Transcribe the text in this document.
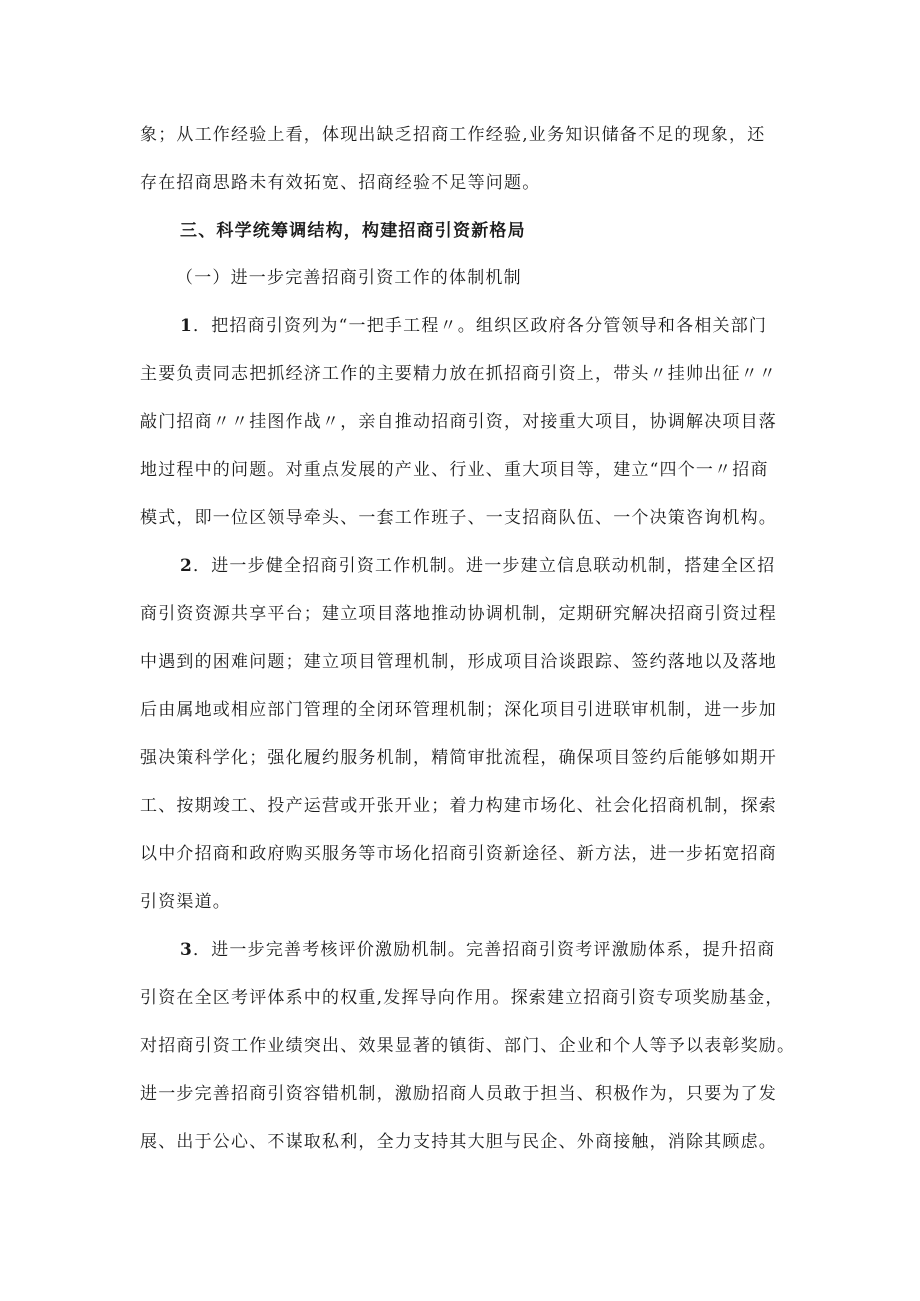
象；从工作经验上看，体现出缺乏招商工作经验,业务知识储备不足的现象，还
存在招商思路未有效拓宽、招商经验不足等问题。
三、科学统筹调结构，构建招商引资新格局
（一）进一步完善招商引资工作的体制机制
1．把招商引资列为“一把手工程〃。组织区政府各分管领导和各相关部门
主要负责同志把抓经济工作的主要精力放在抓招商引资上，带头〃挂帅出征〃〃
敲门招商〃〃挂图作战〃，亲自推动招商引资，对接重大项目，协调解决项目落
地过程中的问题。对重点发展的产业、行业、重大项目等，建立“四个一〃招商
模式，即一位区领导牵头、一套工作班子、一支招商队伍、一个决策咨询机构。
2．进一步健全招商引资工作机制。进一步建立信息联动机制，搭建全区招
商引资资源共享平台；建立项目落地推动协调机制，定期研究解决招商引资过程
中遇到的困难问题；建立项目管理机制，形成项目洽谈跟踪、签约落地以及落地
后由属地或相应部门管理的全闭环管理机制；深化项目引进联审机制，进一步加
强决策科学化；强化履约服务机制，精简审批流程，确保项目签约后能够如期开
工、按期竣工、投产运营或开张开业；着力构建市场化、社会化招商机制，探索
以中介招商和政府购买服务等市场化招商引资新途径、新方法，进一步拓宽招商
引资渠道。
3．进一步完善考核评价激励机制。完善招商引资考评激励体系，提升招商
引资在全区考评体系中的权重,发挥导向作用。探索建立招商引资专项奖励基金，
对招商引资工作业绩突出、效果显著的镇街、部门、企业和个人等予以表彰奖励。
进一步完善招商引资容错机制，激励招商人员敢于担当、积极作为，只要为了发
展、出于公心、不谋取私利，全力支持其大胆与民企、外商接触，消除其顾虑。
